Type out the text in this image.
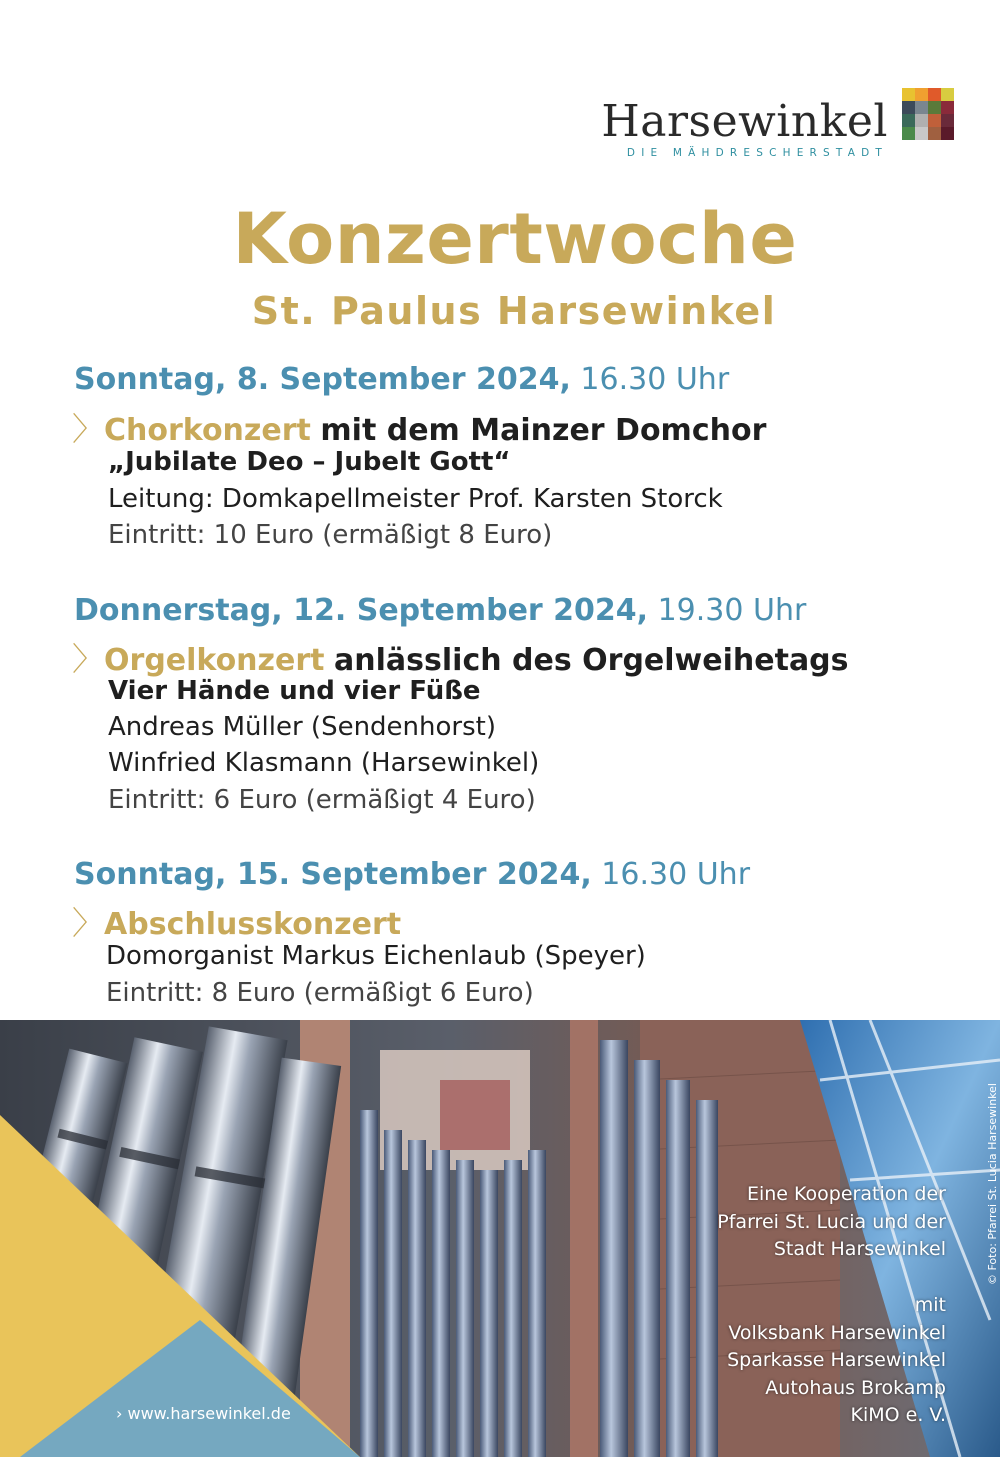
Harsewinkel
DIE MÄHDRESCHERSTADT
Konzertwoche
St. Paulus Harsewinkel
Sonntag, 8. September 2024, 16.30 Uhr
〉Chorkonzert mit dem Mainzer Domchor
„Jubilate Deo – Jubelt Gott“
Leitung: Domkapellmeister Prof. Karsten Storck
Eintritt: 10 Euro (ermäßigt 8 Euro)
Donnerstag, 12. September 2024, 19.30 Uhr
〉Orgelkonzert anlässlich des Orgelweihetags
Vier Hände und vier Füße
Andreas Müller (Sendenhorst)
Winfried Klasmann (Harsewinkel)
Eintritt: 6 Euro (ermäßigt 4 Euro)
Sonntag, 15. September 2024, 16.30 Uhr
〉Abschlusskonzert
Domorganist Markus Eichenlaub (Speyer)
Eintritt: 8 Euro (ermäßigt 6 Euro)
Eine Kooperation der
Pfarrei St. Lucia und der
Stadt Harsewinkel
mit
Volksbank Harsewinkel
Sparkasse Harsewinkel
Autohaus Brokamp
KiMO e. V.
© Foto: Pfarrei St. Lucia Harsewinkel
› www.harsewinkel.de
